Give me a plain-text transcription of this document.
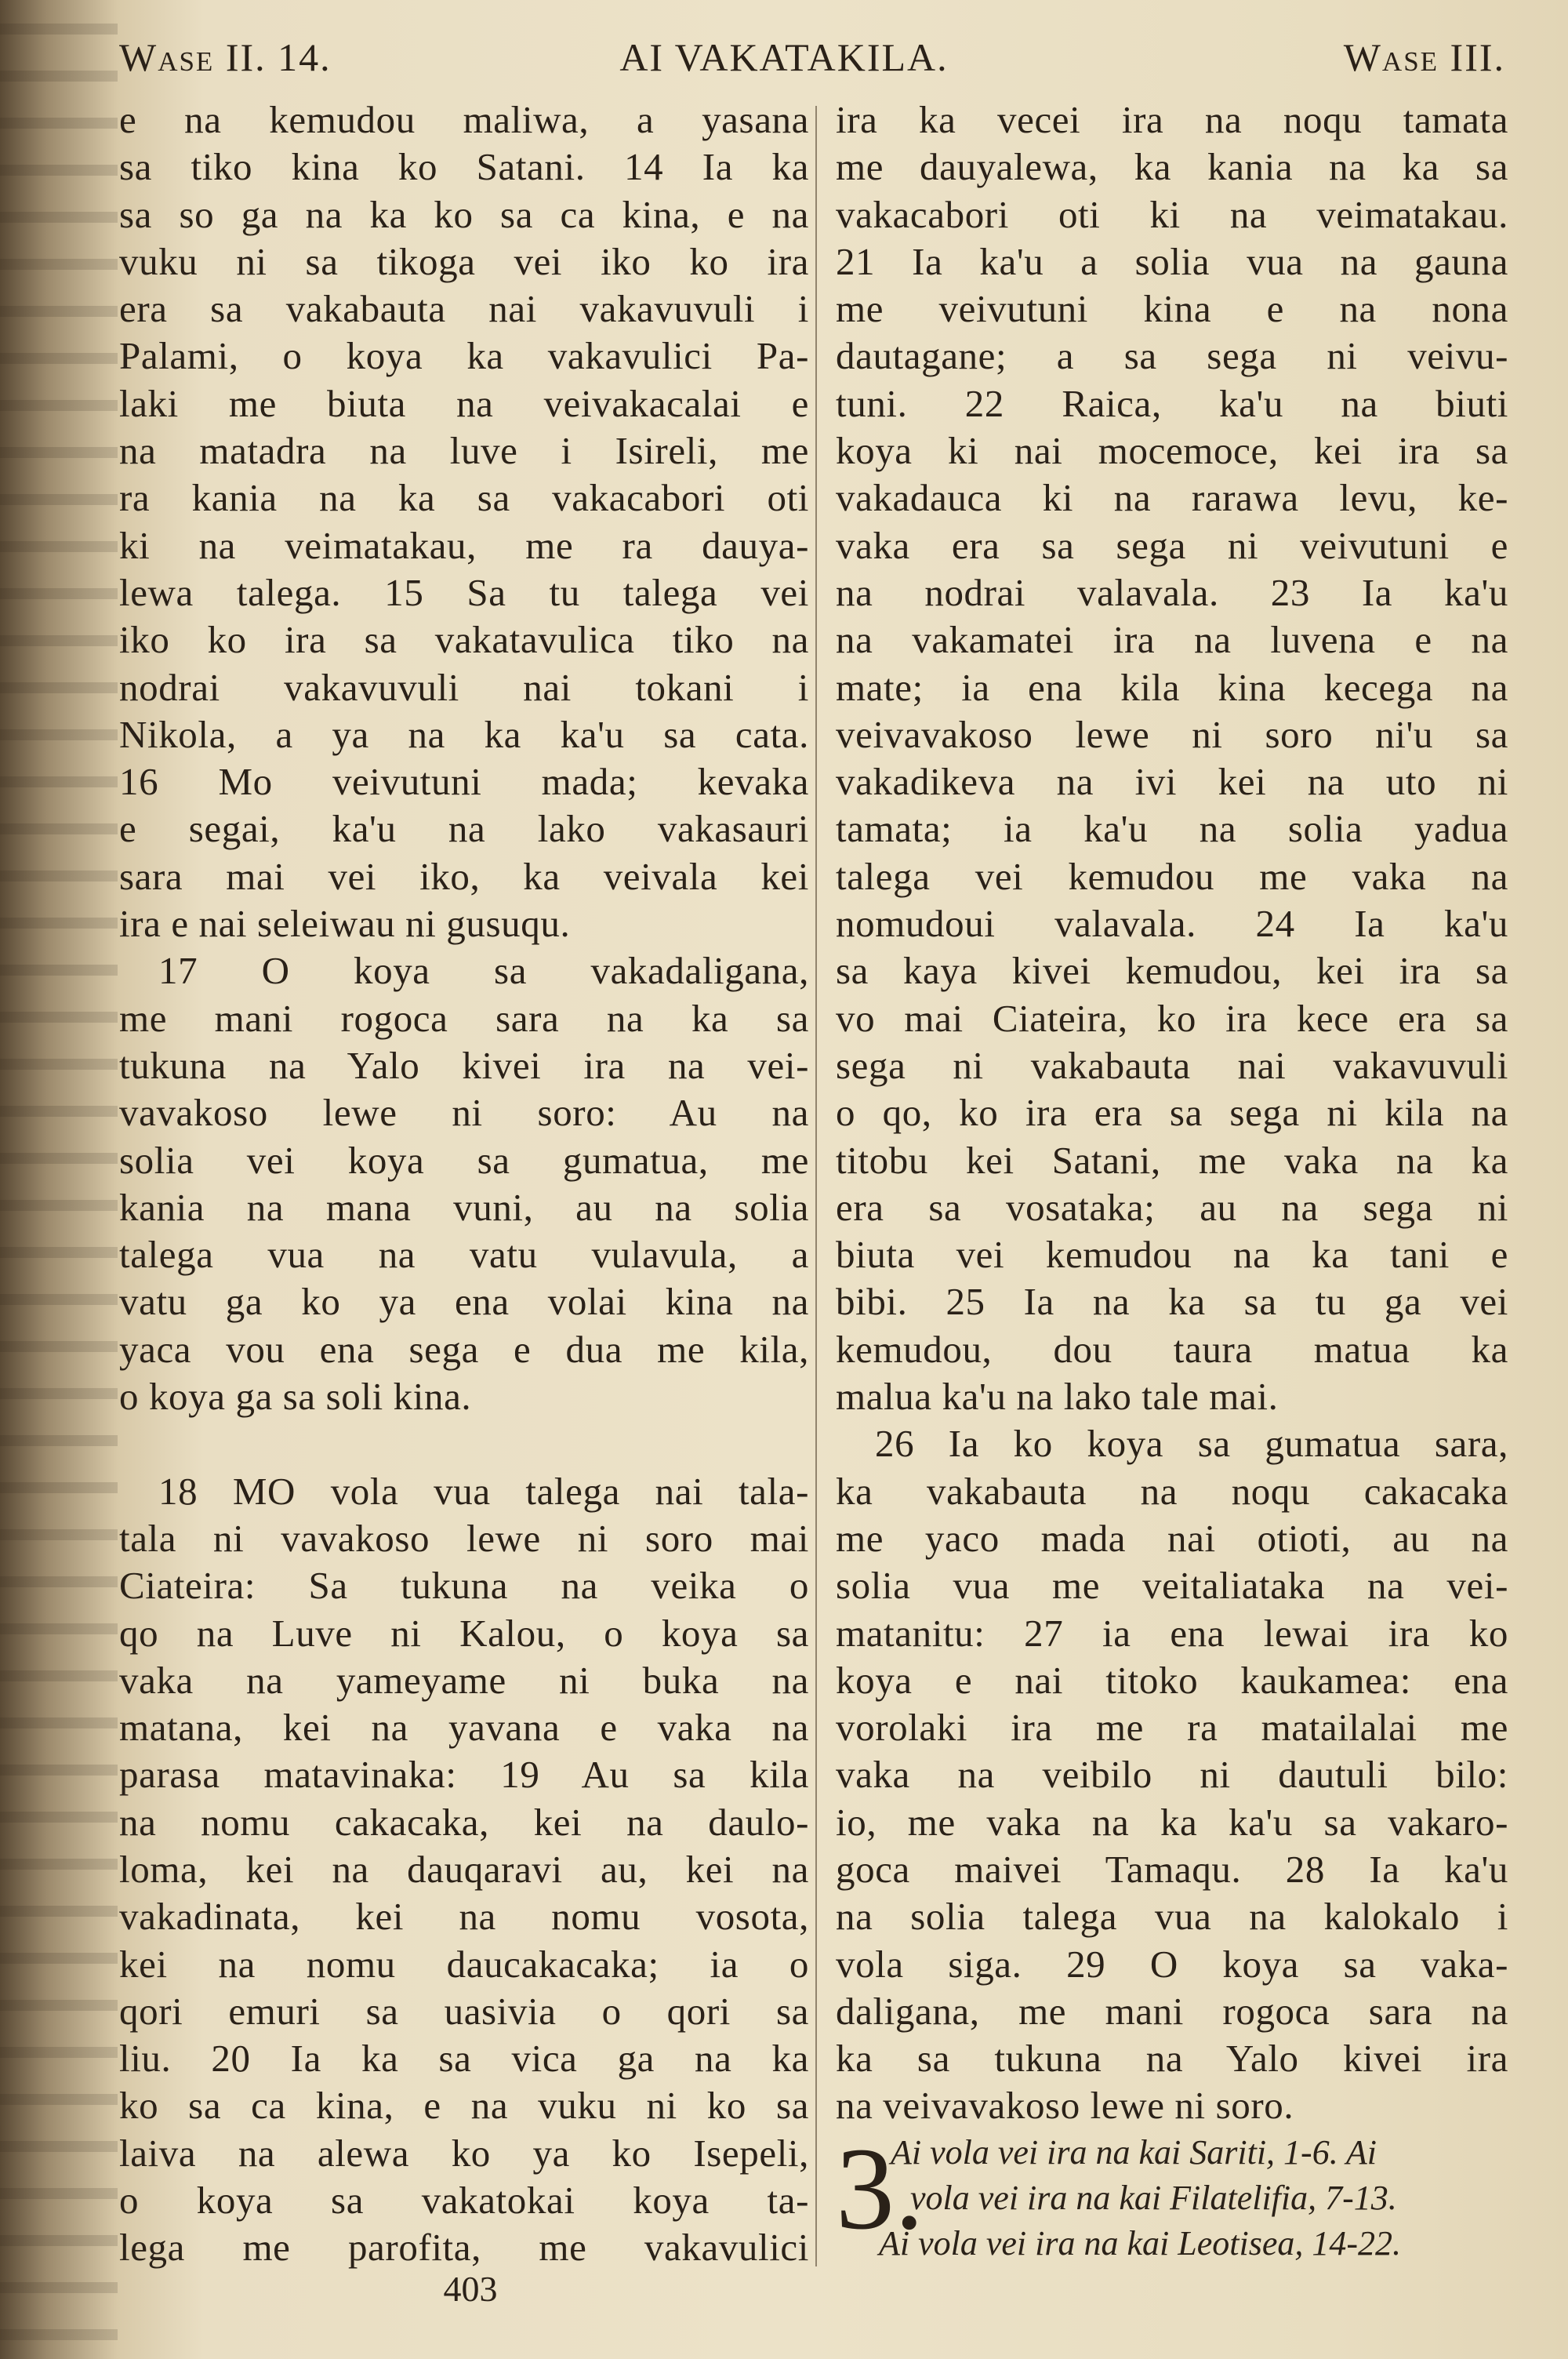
Wase II. 14.	AI VAKATAKILA.	Wase III.
e na kemudou maliwa, a yasana
sa tiko kina ko Satani. 14 Ia ka
sa so ga na ka ko sa ca kina, e na
vuku ni sa tikoga vei iko ko ira
era sa vakabauta nai vakavuvuli i
Palami, o koya ka vakavulici Pa-
laki me biuta na veivakacalai e
na matadra na luve i Isireli, me
ra kania na ka sa vakacabori oti
ki na veimatakau, me ra dauya-
lewa talega. 15 Sa tu talega vei
iko ko ira sa vakatavulica tiko na
nodrai vakavuvuli nai tokani i
Nikola, a ya na ka ka'u sa cata.
16 Mo veivutuni mada; kevaka
e segai, ka'u na lako vakasauri
sara mai vei iko, ka veivala kei
ira e nai seleiwau ni gusuqu.
17 O koya sa vakadaligana,
me mani rogoca sara na ka sa
tukuna na Yalo kivei ira na vei-
vavakoso lewe ni soro: Au na
solia vei koya sa gumatua, me
kania na mana vuni, au na solia
talega vua na vatu vulavula, a
vatu ga ko ya ena volai kina na
yaca vou ena sega e dua me kila,
o koya ga sa soli kina.
18 MO vola vua talega nai tala-
tala ni vavakoso lewe ni soro mai
Ciateira: Sa tukuna na veika o
qo na Luve ni Kalou, o koya sa
vaka na yameyame ni buka na
matana, kei na yavana e vaka na
parasa matavinaka: 19 Au sa kila
na nomu cakacaka, kei na daulo-
loma, kei na dauqaravi au, kei na
vakadinata, kei na nomu vosota,
kei na nomu daucakacaka; ia o
qori emuri sa uasivia o qori sa
liu. 20 Ia ka sa vica ga na ka
ko sa ca kina, e na vuku ni ko sa
laiva na alewa ko ya ko Isepeli,
o koya sa vakatokai koya ta-
lega me parofita, me vakavulici
ira ka vecei ira na noqu tamata
me dauyalewa, ka kania na ka sa
vakacabori oti ki na veimatakau.
21 Ia ka'u a solia vua na gauna
me veivutuni kina e na nona
dautagane; a sa sega ni veivu-
tuni. 22 Raica, ka'u na biuti
koya ki nai mocemoce, kei ira sa
vakadauca ki na rarawa levu, ke-
vaka era sa sega ni veivutuni e
na nodrai valavala. 23 Ia ka'u
na vakamatei ira na luvena e na
mate; ia ena kila kina kecega na
veivavakoso lewe ni soro ni'u sa
vakadikeva na ivi kei na uto ni
tamata; ia ka'u na solia yadua
talega vei kemudou me vaka na
nomudoui valavala. 24 Ia ka'u
sa kaya kivei kemudou, kei ira sa
vo mai Ciateira, ko ira kece era sa
sega ni vakabauta nai vakavuvuli
o qo, ko ira era sa sega ni kila na
titobu kei Satani, me vaka na ka
era sa vosataka; au na sega ni
biuta vei kemudou na ka tani e
bibi. 25 Ia na ka sa tu ga vei
kemudou, dou taura matua ka
malua ka'u na lako tale mai.
26 Ia ko koya sa gumatua sara,
ka vakabauta na noqu cakacaka
me yaco mada nai otioti, au na
solia vua me veitaliataka na vei-
matanitu: 27 ia ena lewai ira ko
koya e nai titoko kaukamea: ena
vorolaki ira me ra matailalai me
vaka na veibilo ni dautuli bilo:
io, me vaka na ka ka'u sa vakaro-
goca maivei Tamaqu. 28 Ia ka'u
na solia talega vua na kalokalo i
vola siga. 29 O koya sa vaka-
daligana, me mani rogoca sara na
ka sa tukuna na Yalo kivei ira
na veivavakoso lewe ni soro.
3.
Ai vola vei ira na kai Sariti, 1-6. Ai
vola vei ira na kai Filatelifia, 7-13.
Ai vola vei ira na kai Leotisea, 14-22.
403
